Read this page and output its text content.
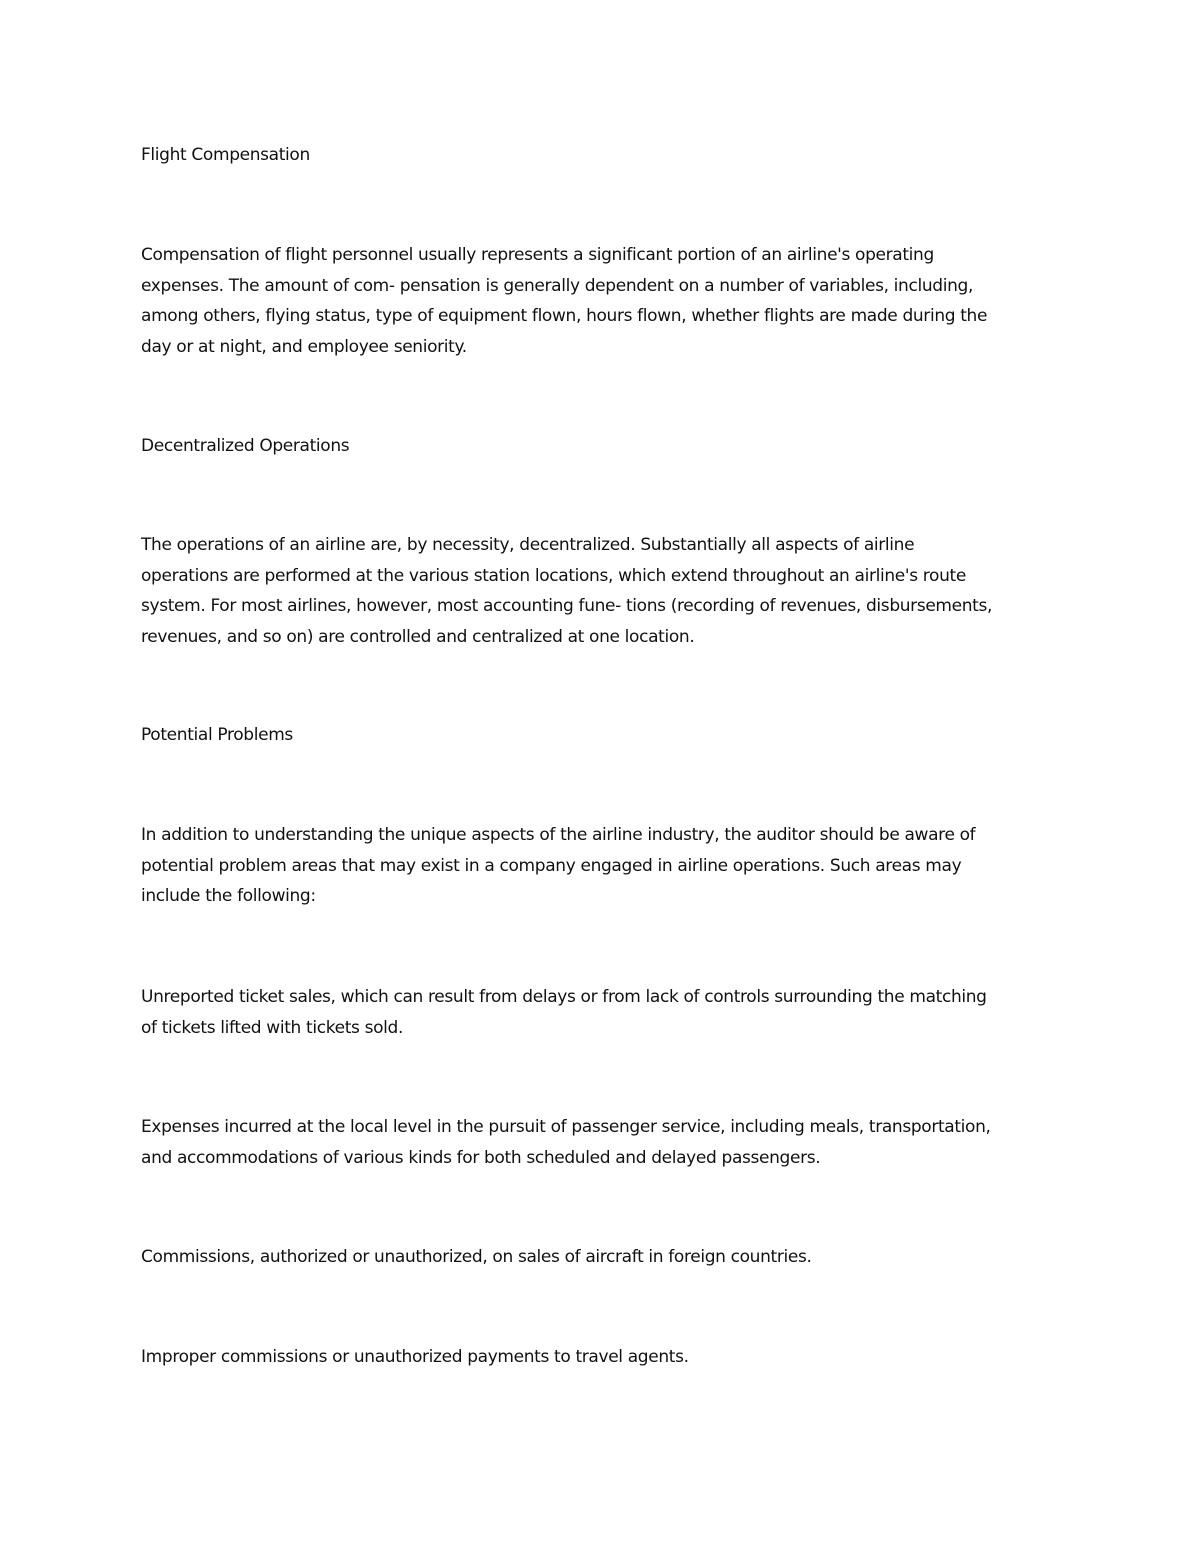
Flight Compensation

Compensation of flight personnel usually represents a significant portion of an airline's operating
expenses. The amount of com- pensation is generally dependent on a number of variables, including,
among others, flying status, type of equipment flown, hours flown, whether flights are made during the
day or at night, and employee seniority.

Decentralized Operations

The operations of an airline are, by necessity, decentralized. Substantially all aspects of airline
operations are performed at the various station locations, which extend throughout an airline's route
system. For most airlines, however, most accounting fune- tions (recording of revenues, disbursements,
revenues, and so on) are controlled and centralized at one location.

Potential Problems

In addition to understanding the unique aspects of the airline industry, the auditor should be aware of
potential problem areas that may exist in a company engaged in airline operations. Such areas may
include the following:

Unreported ticket sales, which can result from delays or from lack of controls surrounding the matching
of tickets lifted with tickets sold.

Expenses incurred at the local level in the pursuit of passenger service, including meals, transportation,
and accommodations of various kinds for both scheduled and delayed passengers.

Commissions, authorized or unauthorized, on sales of aircraft in foreign countries.

Improper commissions or unauthorized payments to travel agents.
